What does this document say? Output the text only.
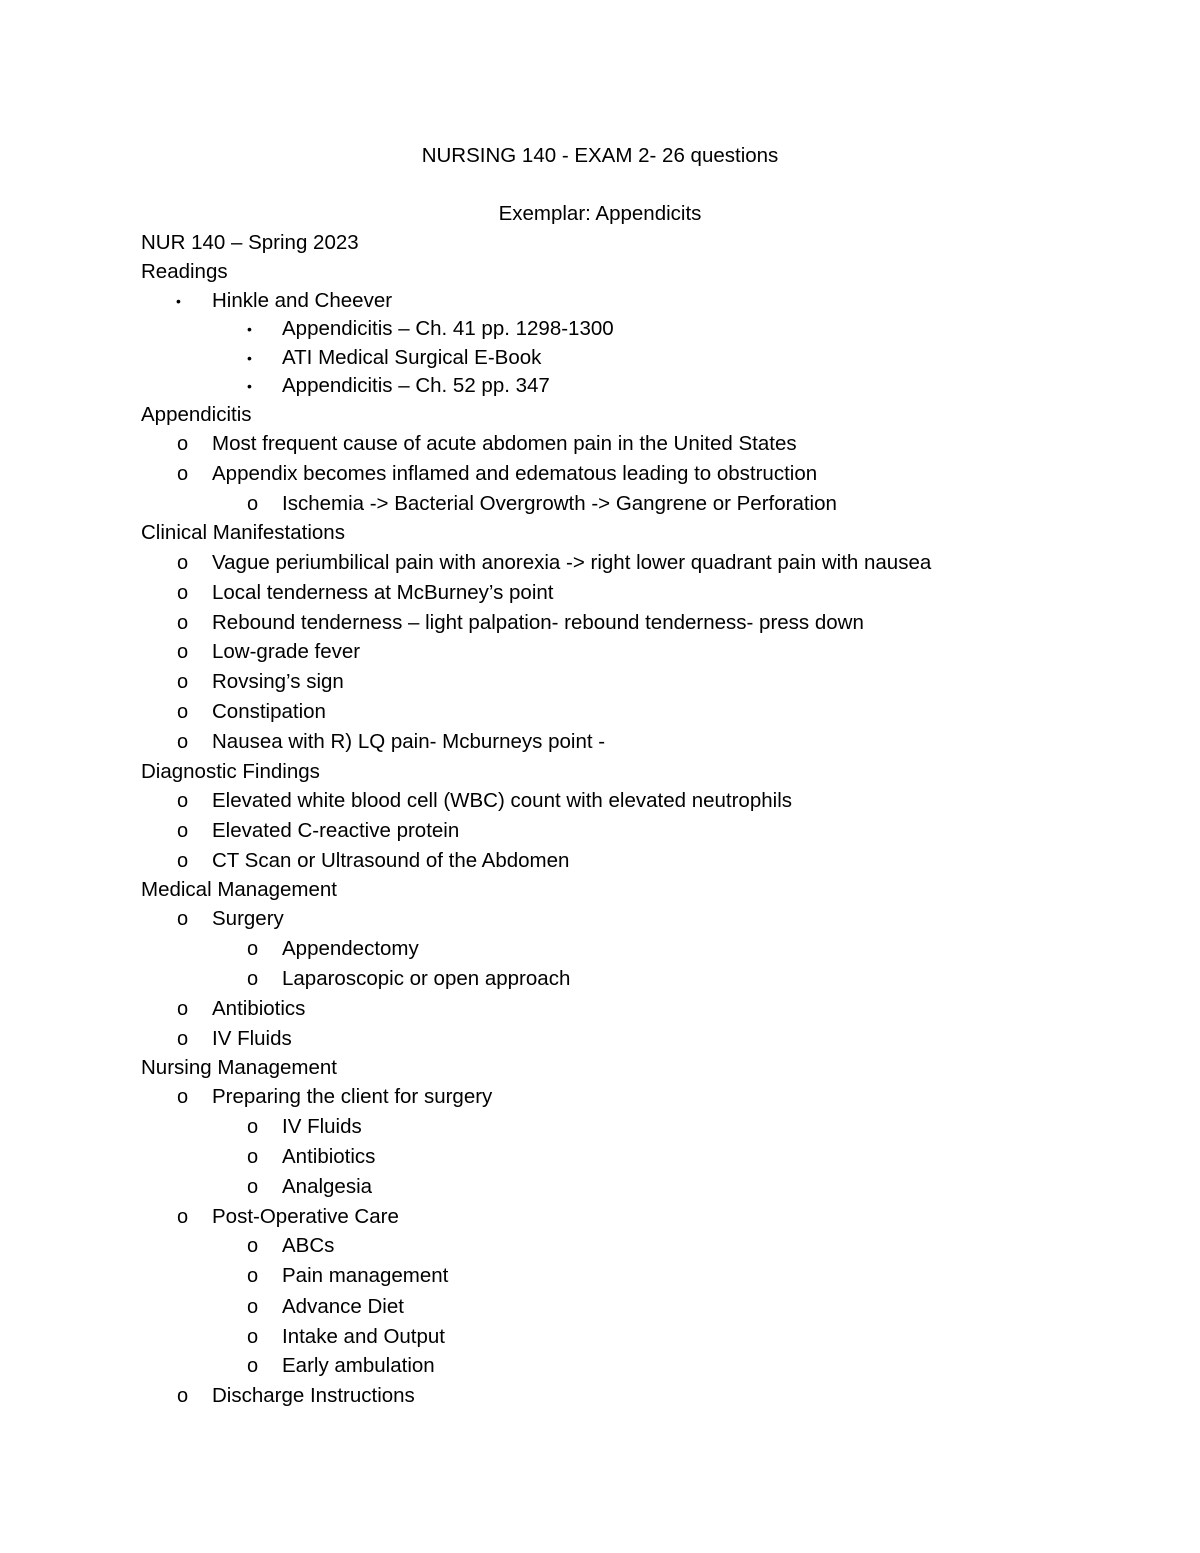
NURSING 140 - EXAM 2- 26 questions
Exemplar: Appendicits
NUR 140 – Spring 2023
Readings
• Hinkle and Cheever
• Appendicitis – Ch. 41 pp. 1298-1300
• ATI Medical Surgical E-Book
• Appendicitis – Ch. 52 pp. 347
Appendicitis
o Most frequent cause of acute abdomen pain in the United States
o Appendix becomes inflamed and edematous leading to obstruction
o Ischemia -> Bacterial Overgrowth -> Gangrene or Perforation
Clinical Manifestations
o Vague periumbilical pain with anorexia -> right lower quadrant pain with nausea
o Local tenderness at McBurney’s point
o Rebound tenderness – light palpation- rebound tenderness- press down
o Low-grade fever
o Rovsing’s sign
o Constipation
o Nausea with R) LQ pain- Mcburneys point -
Diagnostic Findings
o Elevated white blood cell (WBC) count with elevated neutrophils
o Elevated C-reactive protein
o CT Scan or Ultrasound of the Abdomen
Medical Management
o Surgery
o Appendectomy
o Laparoscopic or open approach
o Antibiotics
o IV Fluids
Nursing Management
o Preparing the client for surgery
o IV Fluids
o Antibiotics
o Analgesia
o Post-Operative Care
o ABCs
o Pain management
o Advance Diet
o Intake and Output
o Early ambulation
o Discharge Instructions
